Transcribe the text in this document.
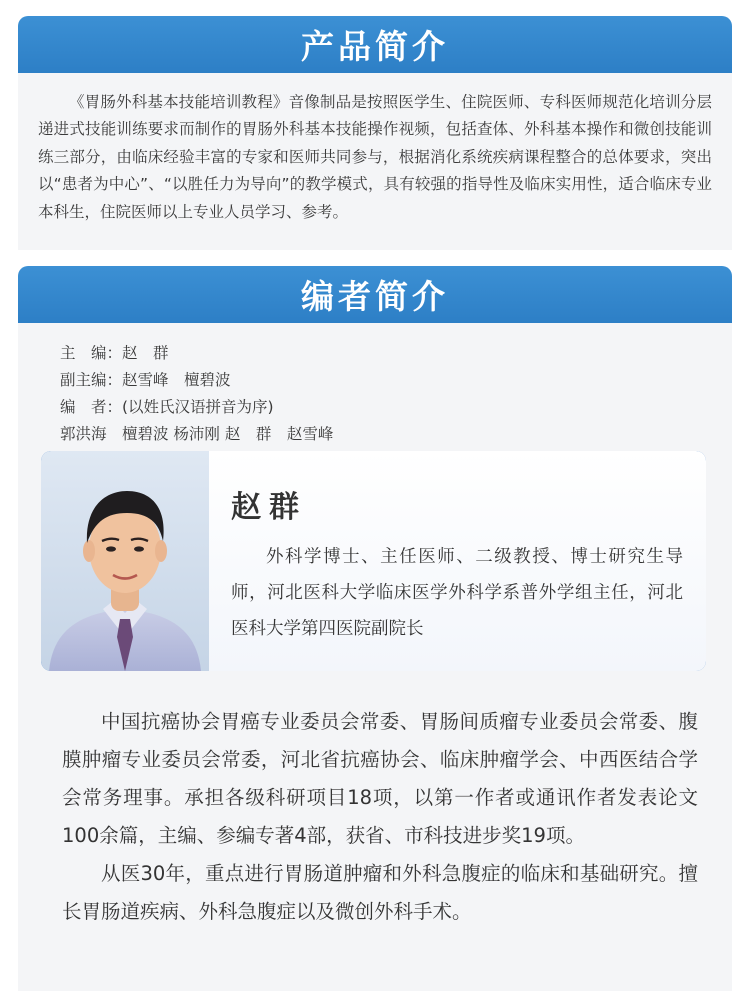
产品简介

《胃肠外科基本技能培训教程》音像制品是按照医学生、住院医师、专科医师规范化培训分层递进式技能训练要求而制作的胃肠外科基本技能操作视频，包括查体、外科基本操作和微创技能训练三部分，由临床经验丰富的专家和医师共同参与，根据消化系统疾病课程整合的总体要求，突出以“患者为中心”、“以胜任力为导向”的教学模式，具有较强的指导性及临床实用性，适合临床专业本科生，住院医师以上专业人员学习、参考。

编者简介
主　编：赵　群
副主编：赵雪峰　檀碧波
编　者：(以姓氏汉语拼音为序)
郭洪海　檀碧波 杨沛刚 赵　群　赵雪峰
赵群

外科学博士、主任医师、二级教授、博士研究生导师，河北医科大学临床医学外科学系普外学组主任，河北医科大学第四医院副院长

中国抗癌协会胃癌专业委员会常委、胃肠间质瘤专业委员会常委、腹膜肿瘤专业委员会常委，河北省抗癌协会、临床肿瘤学会、中西医结合学会常务理事。承担各级科研项目18项，以第一作者或通讯作者发表论文100余篇，主编、参编专著4部，获省、市科技进步奖19项。

从医30年，重点进行胃肠道肿瘤和外科急腹症的临床和基础研究。擅长胃肠道疾病、外科急腹症以及微创外科手术。
